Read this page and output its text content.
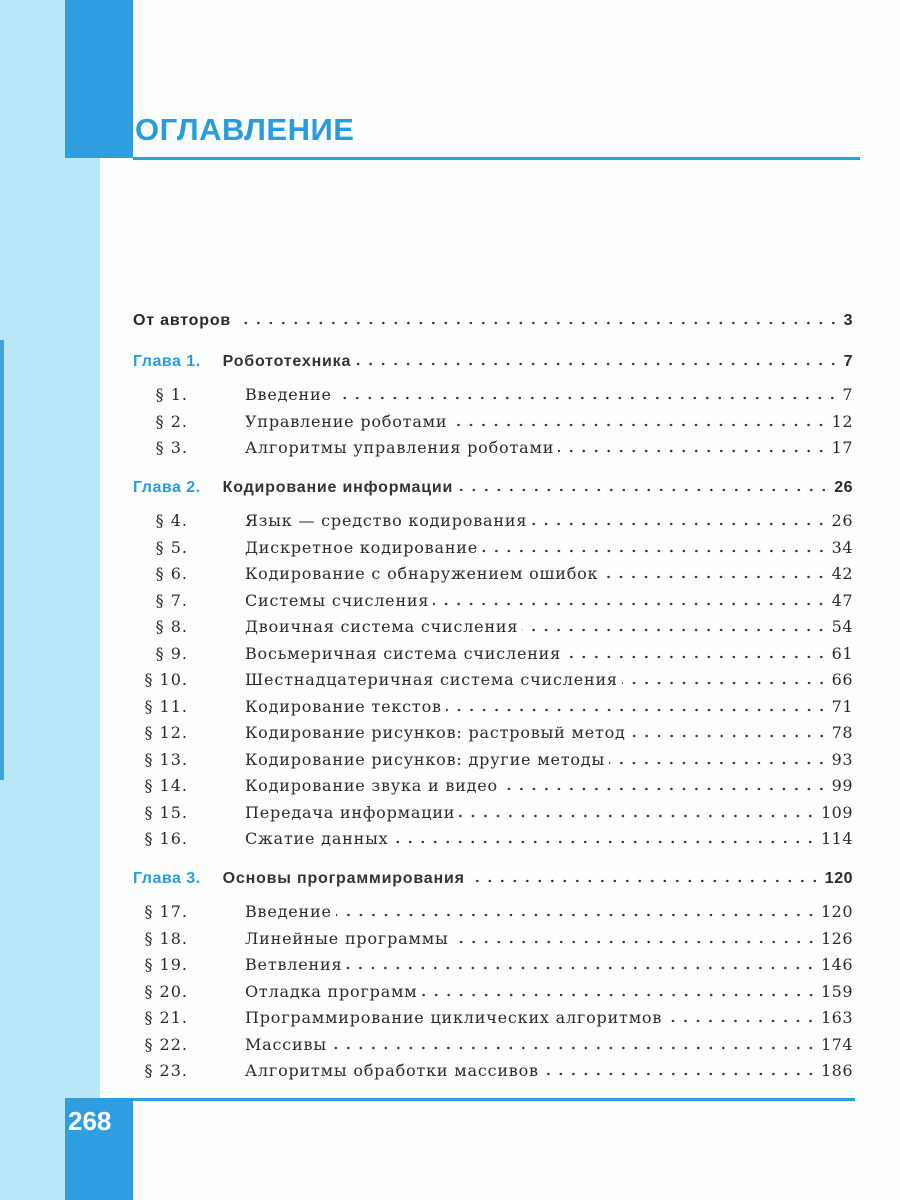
268
ОГЛАВЛЕНИЕ
От авторов	3
Глава 1. Робототехника	7
§ 1.	Введение	7
§ 2.	Управление роботами	12
§ 3.	Алгоритмы управления роботами	17
Глава 2. Кодирование информации	26
§ 4.	Язык — средство кодирования	26
§ 5.	Дискретное кодирование	34
§ 6.	Кодирование с обнаружением ошибок	42
§ 7.	Системы счисления	47
§ 8.	Двоичная система счисления	54
§ 9.	Восьмеричная система счисления	61
§ 10.	Шестнадцатеричная система счисления	66
§ 11.	Кодирование текстов	71
§ 12.	Кодирование рисунков: растровый метод	78
§ 13.	Кодирование рисунков: другие методы	93
§ 14.	Кодирование звука и видео	99
§ 15.	Передача информации	109
§ 16.	Сжатие данных	114
Глава 3. Основы программирования	120
§ 17.	Введение	120
§ 18.	Линейные программы	126
§ 19.	Ветвления	146
§ 20.	Отладка программ	159
§ 21.	Программирование циклических алгоритмов	163
§ 22.	Массивы	174
§ 23.	Алгоритмы обработки массивов	186
